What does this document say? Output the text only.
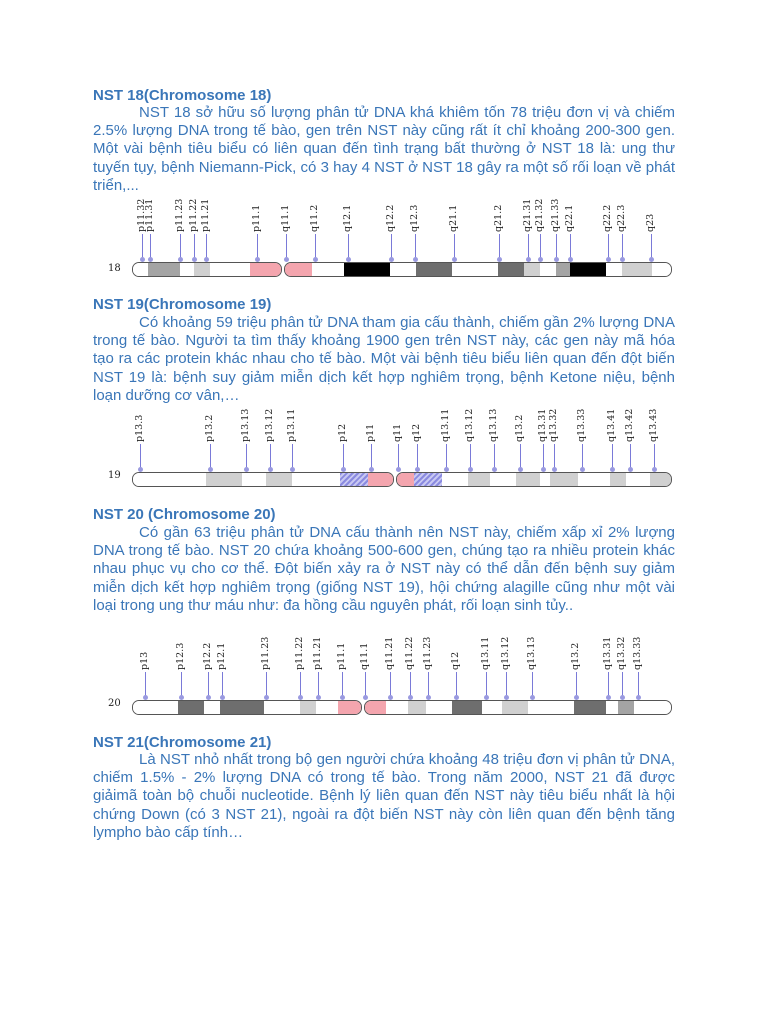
NST 18(Chromosome 18)
NST 18 sở hữu số lượng phân tử DNA khá khiêm tốn 78 triệu đơn vị và chiếm 2.5% lượng DNA trong tế bào, gen trên NST này cũng rất ít chỉ khoảng 200-300 gen. Một vài bệnh tiêu biểu có liên quan đến tình trạng bất thường ở NST 18 là: ung thư tuyến tụy, bệnh Niemann-Pick, có 3 hay 4 NST ở NST 18 gây ra một số rối loạn về phát triển,...
18
p11.32
p11.31 p11.23 p11.22 p11.21	p11.1 q11.1 q11.2 q12.1	q12.2 q12.3	q21.1	q21.2 q21.31 q21.32 q21.33 q22.1	q22.2 q22.3 q23
NST 19(Chromosome 19)
Có khoảng 59 triệu phân tử DNA tham gia cấu thành, chiếm gần 2% lượng DNA trong tế bào. Người ta tìm thấy khoảng 1900 gen trên NST này, các gen này mã hóa tạo ra các protein khác nhau cho tế bào. Một vài bệnh tiêu biểu liên quan đến đột biến NST 19 là: bệnh suy giảm miễn dịch kết hợp nghiêm trọng, bệnh Ketone niệu, bệnh loạn dưỡng cơ vân,…
19
p13.3	p13.2	p13.13 p13.12 p13.11	p12 p11 q11 q12 q13.11 q13.12 q13.13 q13.2 q13.31 q13.32 q13.33 q13.41 q13.42 q13.43
NST 20 (Chromosome 20)
Có gần 63 triệu phân tử DNA cấu thành nên NST này, chiếm xấp xỉ 2% lượng DNA trong tế bào. NST 20 chứa khoảng 500-600 gen, chúng tạo ra nhiều protein khác nhau phục vụ cho cơ thể. Đột biến xảy ra ở NST này có thể dẫn đến bệnh suy giảm miễn dịch kết hợp nghiêm trọng (giống NST 19), hội chứng alagille cũng như một vài loại trong ung thư máu như: đa hồng cầu nguyên phát, rối loạn sinh tủy..
20
p13	p12.3 p12.2 p12.1	p11.23 p11.22 p11.21 p11.1 q11.1 q11.21 q11.22 q11.23 q12 q13.11 q13.12 q13.13	q13.2 q13.31 q13.32 q13.33
NST 21(Chromosome 21)
Là NST nhỏ nhất trong bộ gen người chứa khoảng 48 triệu đơn vị phân tử DNA, chiếm 1.5% - 2% lượng DNA có trong tế bào. Trong năm 2000, NST 21 đã được giảimã toàn bộ chuỗi nucleotide. Bệnh lý liên quan đến NST này tiêu biểu nhất là hội chứng Down (có 3 NST 21), ngoài ra đột biến NST này còn liên quan đến bệnh tăng lympho bào cấp tính…
